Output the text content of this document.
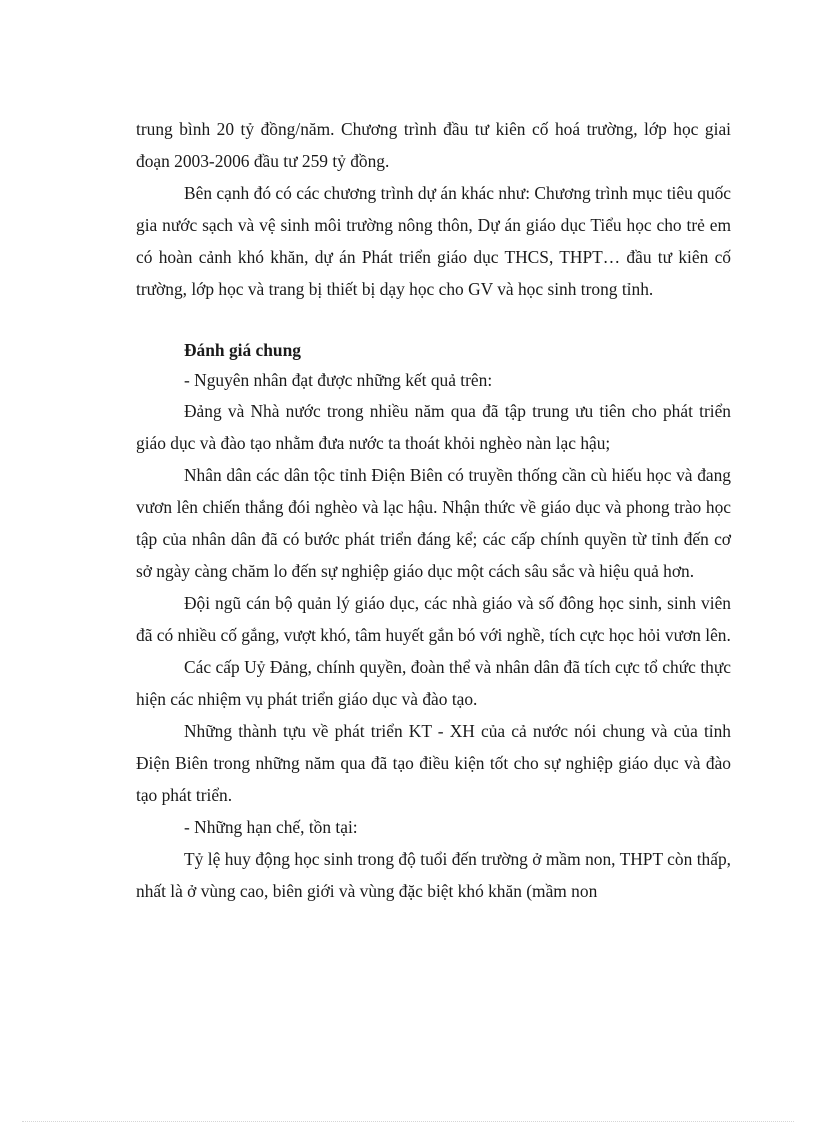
trung bình 20 tỷ đồng/năm. Chương trình đầu tư kiên cố hoá trường, lớp học giai đoạn 2003-2006 đầu tư 259 tỷ đồng.

Bên cạnh đó có các chương trình dự án khác như: Chương trình mục tiêu quốc gia nước sạch và vệ sinh môi trường nông thôn, Dự án giáo dục Tiểu học cho trẻ em có hoàn cảnh khó khăn, dự án Phát triển giáo dục THCS, THPT… đầu tư kiên cố trường, lớp học và trang bị thiết bị dạy học cho GV và học sinh trong tỉnh.

Đánh giá chung

- Nguyên nhân đạt được những kết quả trên:

Đảng và Nhà nước trong nhiều năm qua đã tập trung ưu tiên cho phát triển giáo dục và đào tạo nhằm đưa nước ta thoát khỏi nghèo nàn lạc hậu;

Nhân dân các dân tộc tỉnh Điện Biên có truyền thống cần cù hiếu học và đang vươn lên chiến thắng đói nghèo và lạc hậu. Nhận thức về giáo dục và phong trào học tập của nhân dân đã có bước phát triển đáng kể; các cấp chính quyền từ tỉnh đến cơ sở ngày càng chăm lo đến sự nghiệp giáo dục một cách sâu sắc và hiệu quả hơn.

Đội ngũ cán bộ quản lý giáo dục, các nhà giáo và số đông học sinh, sinh viên đã có nhiều cố gắng, vượt khó, tâm huyết gắn bó với nghề, tích cực học hỏi vươn lên.

Các cấp Uỷ Đảng, chính quyền, đoàn thể và nhân dân đã tích cực tổ chức thực hiện các nhiệm vụ phát triển giáo dục và đào tạo.

Những thành tựu về phát triển KT - XH của cả nước nói chung và của tỉnh Điện Biên trong những năm qua đã tạo điều kiện tốt cho sự nghiệp giáo dục và đào tạo phát triển.

- Những hạn chế, tồn tại:

Tỷ lệ huy động học sinh trong độ tuổi đến trường ở mầm non, THPT còn thấp, nhất là ở vùng cao, biên giới và vùng đặc biệt khó khăn (mầm non
